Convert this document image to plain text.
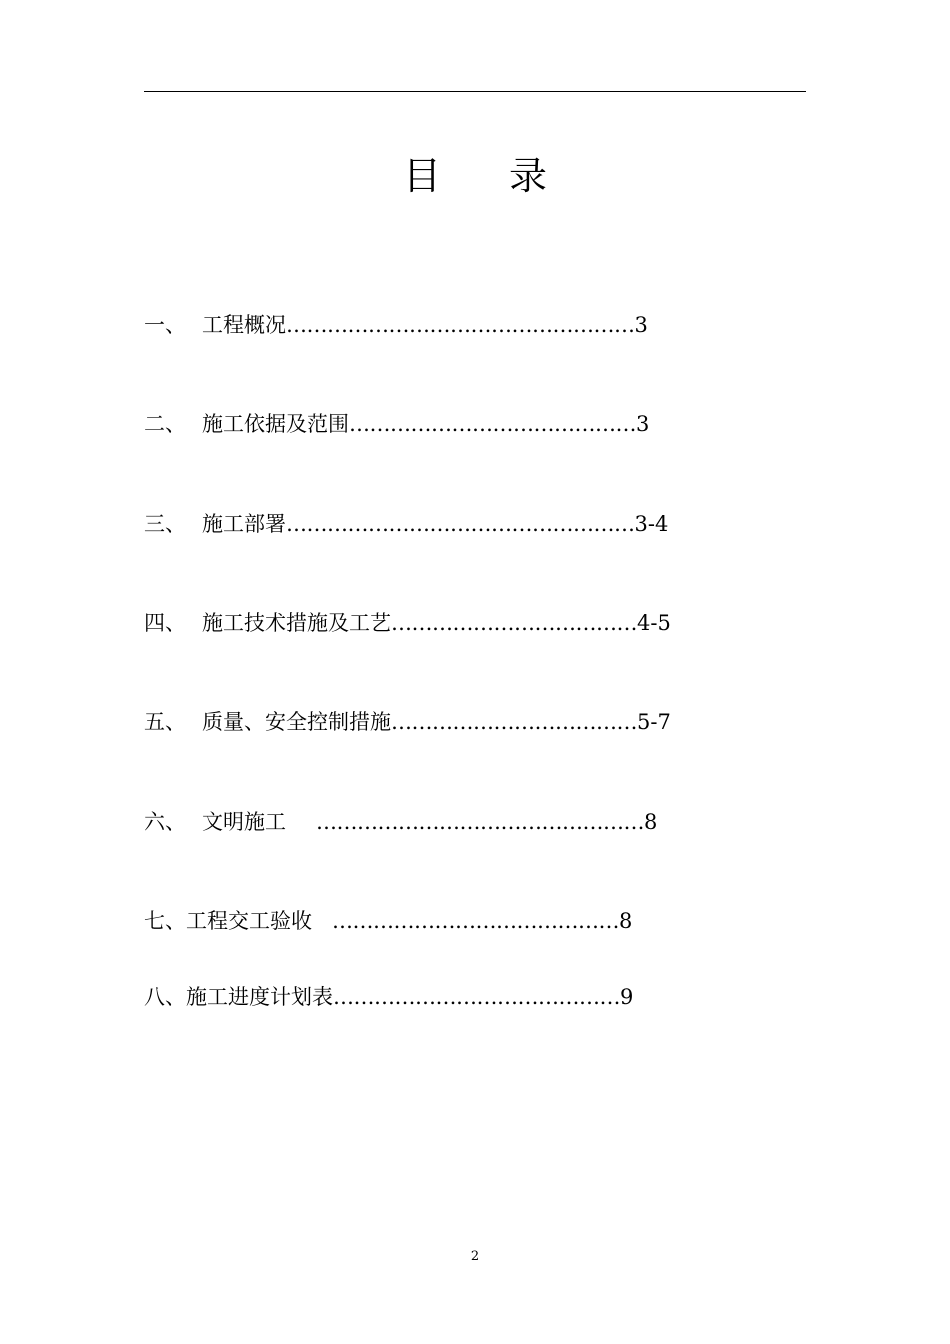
目 录
一、 工程概况……………………………………………3
二、 施工依据及范围……………………………………3
三、 施工部署……………………………………………3-4
四、 施工技术措施及工艺………………………………4-5
五、 质量、安全控制措施………………………………5-7
六、 文明施工 …………………………………………8
七、工程交工验收 ……………………………………8
八、施工进度计划表……………………………………9
2
